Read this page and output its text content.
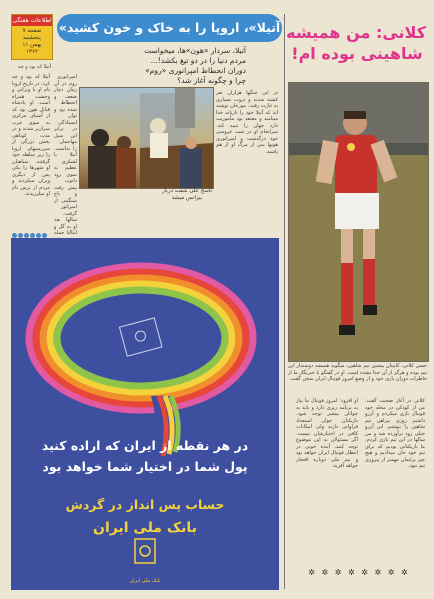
اطلاعات هفتگی
صفحه ۷
پنجشنبه
۱۱ بهمن
۱۳۶۲
آتیلا که بود و چه
«آتیلا»، اروپا را به خاک و خون کشید
آتیلا، سردار «هون»ها، میخواست
مردم دنیا را در دو تیغ بکشد!...
دوران انحطاط امپراتوری «روم»
چرا و چگونه آغاز شد؟

آتیلا که بود و چه کرد، در تاریخ اروپا نام او با ویرانی و وحشت همراه است. او پادشاه قبایل هون بود که از آسیای مرکزی به سوی غرب سرازیر شدند و در مدت کوتاهی بخش بزرگی از سرزمینهای اروپا را زیر سلطه خود گرفتند. سپاهیان او شهرها را یکی پس از دیگری ویران میکردند و مردم از ترس نام او میلرزیدند.

امپراتوری روم در آن زمان دچار ضعف و انحطاط شده بود و توان ایستادگی در برابر این سیل مهاجمان را نداشت. آتیلا با لشکری عظیم به سوی رود دانوب پیش رفت و باج سنگینی از امپراتور گرفت. سالها بعد او به گل و ایتالیا حمله

در این جنگها هزاران نفر کشته شدند و ثروت بسیاری به غارت رفت. مورخان نوشته اند که آتیلا خود را تازیانه خدا مینامید و معتقد بود مأموریت دارد جهان را تنبیه کند. سرانجام او در شب عروسی خود درگذشت و امپراتوری هونها پس از مرگ او از هم پاشید.

ناسخ علی شفت دربار بیزانس میشد
کلانی: من همیشه
شاهینی بوده ام!
حسن کلانی، کاپیتان پیشین تیم شاهین، میگوید همیشه دوستدار این تیم بوده و هرگز از آن جدا نشده است. او در گفتگو با خبرنگار ما از خاطرات دوران بازی خود و از وضع امروز فوتبال ایران سخن گفت.
کلانی در آغاز صحبت گفت: من از کودکی در محله خود فوتبال بازی میکردم و آرزو داشتم روزی پیراهن تیم شاهین را بپوشم. این آرزو خیلی زود برآورده شد و من سالها در این تیم بازی کردم. ما بازیکنانی بودیم که برای تیم خود جان میدادیم و هیچ چیز برایمان مهمتر از پیروزی تیم نبود.
او افزود: امروز فوتبال ما نیاز به برنامه ریزی دارد و باید به جوانان بیشتر توجه شود. بازیکنان جوان استعداد فراوانی دارند ولی امکانات کافی در اختیارشان نیست. اگر مسئولان به این موضوع توجه کنند، آینده خوبی در انتظار فوتبال ایران خواهد بود و تیم ملی دوباره افتخار خواهد آفرید.
✲ ✲ ✲ ✲ ✲ ✲ ✲ ✲
در هر نقطه از ایران که اراده کنید
پول شما در اختیار شما خواهد بود
حساب پس انداز در گردش
بانک ملی ایران
بانک ملی ایران
